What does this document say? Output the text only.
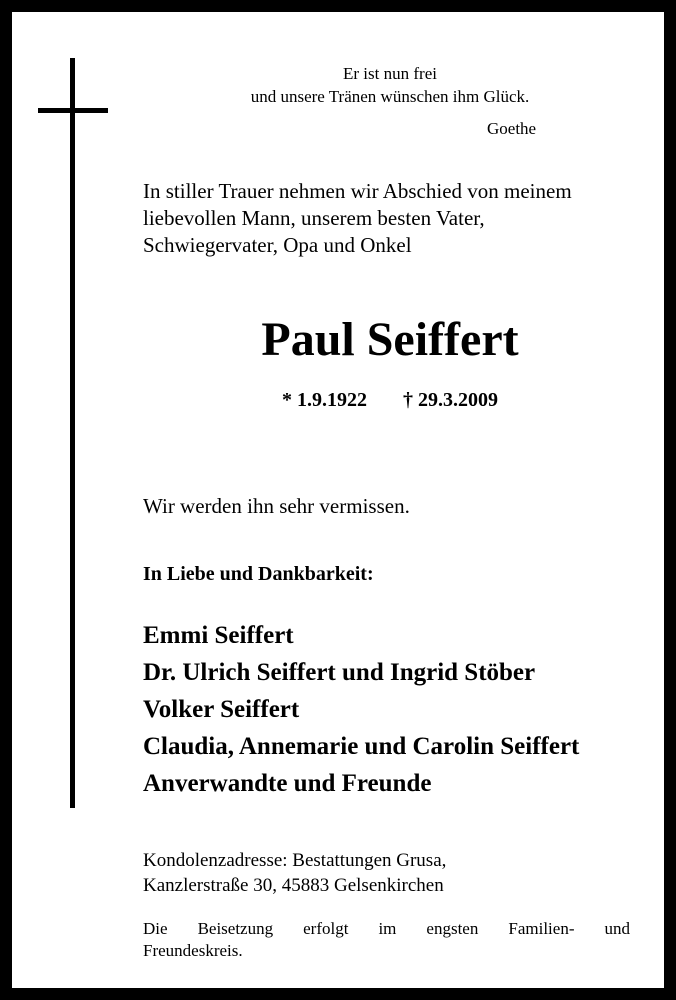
Er ist nun frei
und unsere Tränen wünschen ihm Glück.
Goethe
In stiller Trauer nehmen wir Abschied von meinem
liebevollen Mann, unserem besten Vater,
Schwiegervater, Opa und Onkel
Paul Seiffert
* 1.9.1922 † 29.3.2009
Wir werden ihn sehr vermissen.
In Liebe und Dankbarkeit:
Emmi Seiffert
Dr. Ulrich Seiffert und Ingrid Stöber
Volker Seiffert
Claudia, Annemarie und Carolin Seiffert
Anverwandte und Freunde
Kondolenzadresse: Bestattungen Grusa,
Kanzlerstraße 30, 45883 Gelsenkirchen
Die Beisetzung erfolgt im engsten Familien- und
Freundeskreis.
